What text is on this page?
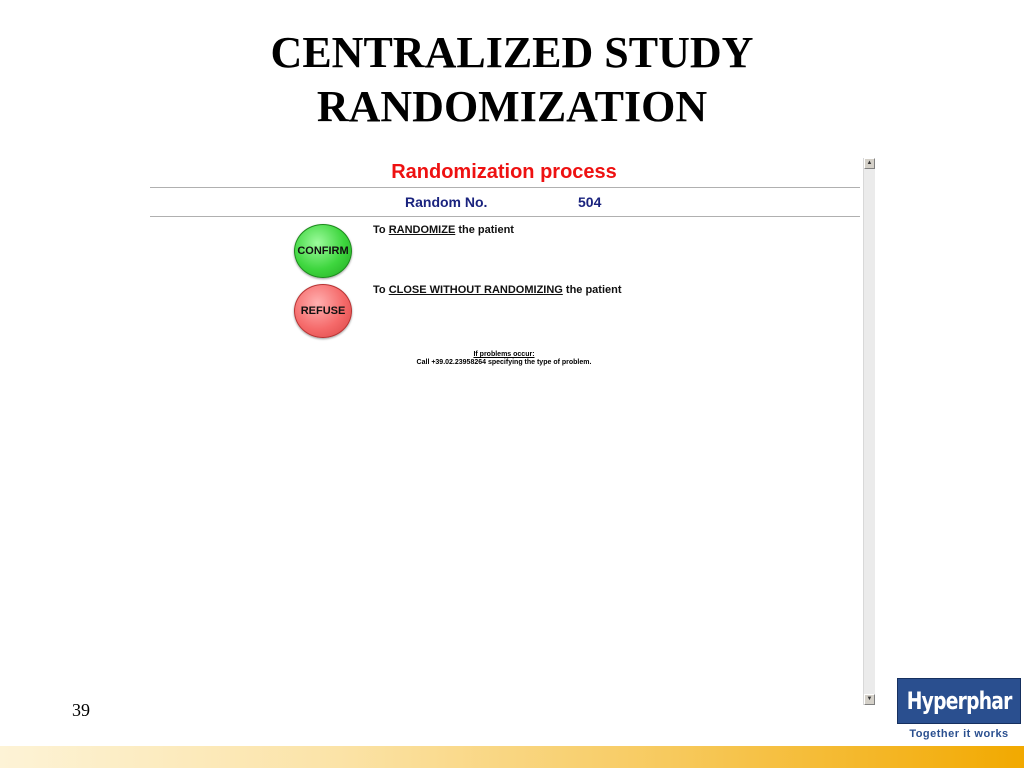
CENTRALIZED STUDY
RANDOMIZATION
Randomization process
Random No.	504
CONFIRM
To RANDOMIZE the patient
REFUSE
To CLOSE WITHOUT RANDOMIZING the patient
If problems occur:
Call +39.02.23958264 specifying the type of problem.
▲
▼
39	Hyperphar
Together it works
